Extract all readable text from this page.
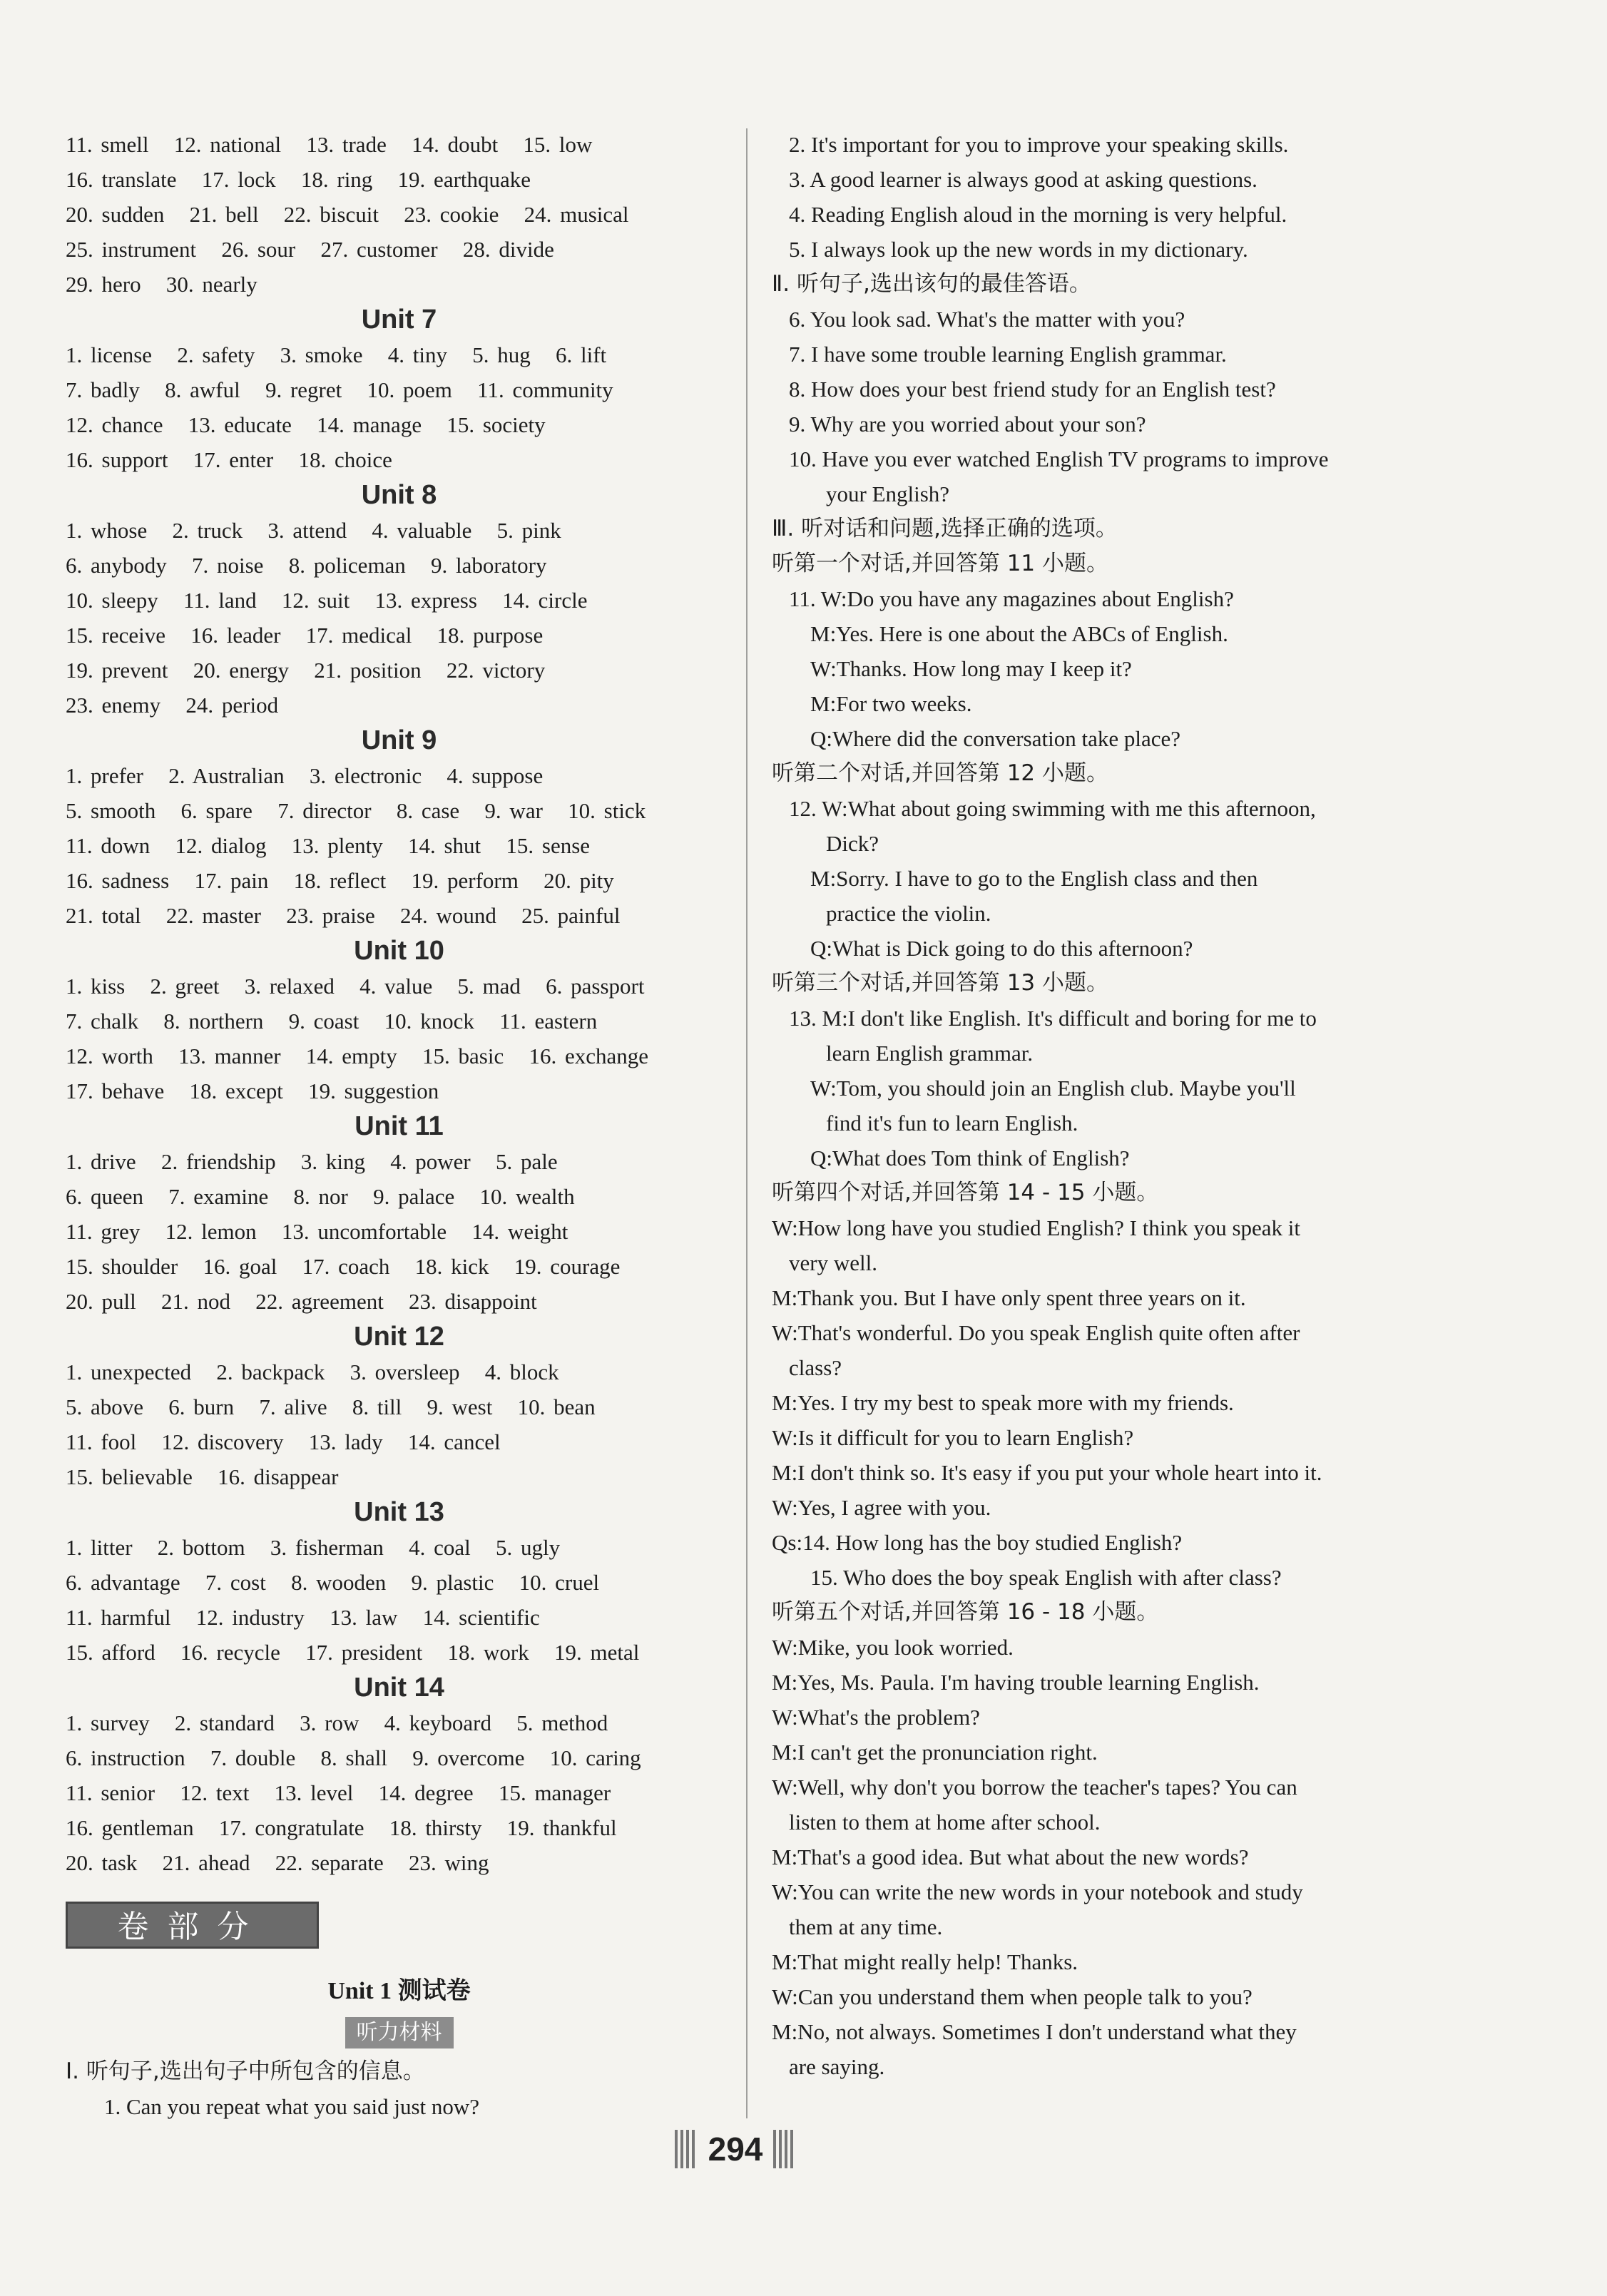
11. smell   12. national   13. trade   14. doubt   15. low
16. translate   17. lock   18. ring   19. earthquake
20. sudden   21. bell   22. biscuit   23. cookie   24. musical
25. instrument   26. sour   27. customer   28. divide
29. hero   30. nearly
Unit 7
1. license   2. safety   3. smoke   4. tiny   5. hug   6. lift
7. badly   8. awful   9. regret   10. poem   11. community
12. chance   13. educate   14. manage   15. society
16. support   17. enter   18. choice
Unit 8
1. whose   2. truck   3. attend   4. valuable   5. pink
6. anybody   7. noise   8. policeman   9. laboratory
10. sleepy   11. land   12. suit   13. express   14. circle
15. receive   16. leader   17. medical   18. purpose
19. prevent   20. energy   21. position   22. victory
23. enemy   24. period
Unit 9
1. prefer   2. Australian   3. electronic   4. suppose
5. smooth   6. spare   7. director   8. case   9. war   10. stick
11. down   12. dialog   13. plenty   14. shut   15. sense
16. sadness   17. pain   18. reflect   19. perform   20. pity
21. total   22. master   23. praise   24. wound   25. painful
Unit 10
1. kiss   2. greet   3. relaxed   4. value   5. mad   6. passport
7. chalk   8. northern   9. coast   10. knock   11. eastern
12. worth   13. manner   14. empty   15. basic   16. exchange
17. behave   18. except   19. suggestion
Unit 11
1. drive   2. friendship   3. king   4. power   5. pale
6. queen   7. examine   8. nor   9. palace   10. wealth
11. grey   12. lemon   13. uncomfortable   14. weight
15. shoulder   16. goal   17. coach   18. kick   19. courage
20. pull   21. nod   22. agreement   23. disappoint
Unit 12
1. unexpected   2. backpack   3. oversleep   4. block
5. above   6. burn   7. alive   8. till   9. west   10. bean
11. fool   12. discovery   13. lady   14. cancel
15. believable   16. disappear
Unit 13
1. litter   2. bottom   3. fisherman   4. coal   5. ugly
6. advantage   7. cost   8. wooden   9. plastic   10. cruel
11. harmful   12. industry   13. law   14. scientific
15. afford   16. recycle   17. president   18. work   19. metal
Unit 14
1. survey   2. standard   3. row   4. keyboard   5. method
6. instruction   7. double   8. shall   9. overcome   10. caring
11. senior   12. text   13. level   14. degree   15. manager
16. gentleman   17. congratulate   18. thirsty   19. thankful
20. task   21. ahead   22. separate   23. wing
卷部分
Unit 1 测试卷
听力材料
Ⅰ. 听句子,选出句子中所包含的信息。
1. Can you repeat what you said just now?
2. It's important for you to improve your speaking skills.
3. A good learner is always good at asking questions.
4. Reading English aloud in the morning is very helpful.
5. I always look up the new words in my dictionary.
Ⅱ. 听句子,选出该句的最佳答语。
6. You look sad. What's the matter with you?
7. I have some trouble learning English grammar.
8. How does your best friend study for an English test?
9. Why are you worried about your son?
10. Have you ever watched English TV programs to improve
your English?
Ⅲ. 听对话和问题,选择正确的选项。
听第一个对话,并回答第 11 小题。
11. W:Do you have any magazines about English?
M:Yes. Here is one about the ABCs of English.
W:Thanks. How long may I keep it?
M:For two weeks.
Q:Where did the conversation take place?
听第二个对话,并回答第 12 小题。
12. W:What about going swimming with me this afternoon,
Dick?
M:Sorry. I have to go to the English class and then
practice the violin.
Q:What is Dick going to do this afternoon?
听第三个对话,并回答第 13 小题。
13. M:I don't like English. It's difficult and boring for me to
learn English grammar.
W:Tom, you should join an English club. Maybe you'll
find it's fun to learn English.
Q:What does Tom think of English?
听第四个对话,并回答第 14 - 15 小题。
W:How long have you studied English? I think you speak it
very well.
M:Thank you. But I have only spent three years on it.
W:That's wonderful. Do you speak English quite often after
class?
M:Yes. I try my best to speak more with my friends.
W:Is it difficult for you to learn English?
M:I don't think so. It's easy if you put your whole heart into it.
W:Yes, I agree with you.
Qs:14. How long has the boy studied English?
15. Who does the boy speak English with after class?
听第五个对话,并回答第 16 - 18 小题。
W:Mike, you look worried.
M:Yes, Ms. Paula. I'm having trouble learning English.
W:What's the problem?
M:I can't get the pronunciation right.
W:Well, why don't you borrow the teacher's tapes? You can
listen to them at home after school.
M:That's a good idea. But what about the new words?
W:You can write the new words in your notebook and study
them at any time.
M:That might really help! Thanks.
W:Can you understand them when people talk to you?
M:No, not always. Sometimes I don't understand what they
are saying.
294
